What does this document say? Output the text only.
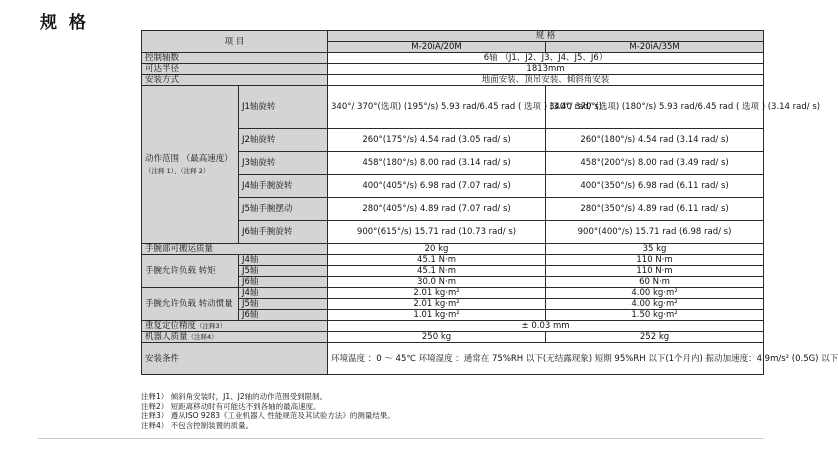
规 格
项 目		规 格	
		M-20iA/20M	M-20iA/35M
控制轴数		6轴 （J1、J2、J3、J4、J5、J6）	
可达半径		1813mm	
安装方式		地面安装、顶吊安装、倾斜角安装	
动作范围 （最高速度）
（注释 1）、（注释 2）	J1轴旋转	340°/ 370°(选项) (195°/s) 5.93 rad/6.45 rad ( 选项 ) (3.40 rad/ s)	340°/ 370°(选项) (180°/s) 5.93 rad/6.45 rad ( 选项 ) (3.14 rad/ s)
	J2轴旋转	260°(175°/s) 4.54 rad (3.05 rad/ s)	260°(180°/s) 4.54 rad (3.14 rad/ s)
	J3轴旋转	458°(180°/s) 8.00 rad (3.14 rad/ s)	458°(200°/s) 8.00 rad (3.49 rad/ s)
	J4轴手腕旋转	400°(405°/s) 6.98 rad (7.07 rad/ s)	400°(350°/s) 6.98 rad (6.11 rad/ s)
	J5轴手腕摆动	280°(405°/s) 4.89 rad (7.07 rad/ s)	280°(350°/s) 4.89 rad (6.11 rad/ s)
	J6轴手腕旋转	900°(615°/s) 15.71 rad (10.73 rad/ s)	900°(400°/s) 15.71 rad (6.98 rad/ s)
手腕部可搬运质量		20 kg	35 kg
手腕允许负载 转矩	J4轴	45.1 N·m	110 N·m
	J5轴	45.1 N·m	110 N·m
	J6轴	30.0 N·m	60 N·m
手腕允许负载 转动惯量	J4轴	2.01 kg·m²	4.00 kg·m²
	J5轴	2.01 kg·m²	4.00 kg·m²
	J6轴	1.01 kg·m²	1.50 kg·m²
重复定位精度（注释3）		± 0.03 mm	
机器人质量（注释4）		250 kg	252 kg
安装条件		环境温度 ：0 ～ 45℃ 环境湿度 ：通常在 75%RH 以下(无结露现象) 短期 95%RH 以下(1个月内) 振动加速度：4.9m/s² (0.5G) 以下	
注释1） 倾斜角安装时，J1、J2轴的动作范围受到限制。
注释2） 短距离移动时有可能达不到各轴的最高速度。
注释3） 遵从ISO 9283《工业机器人 性能规范及其试验方法》的测量结果。
注释4） 不包含控制装置的质量。
